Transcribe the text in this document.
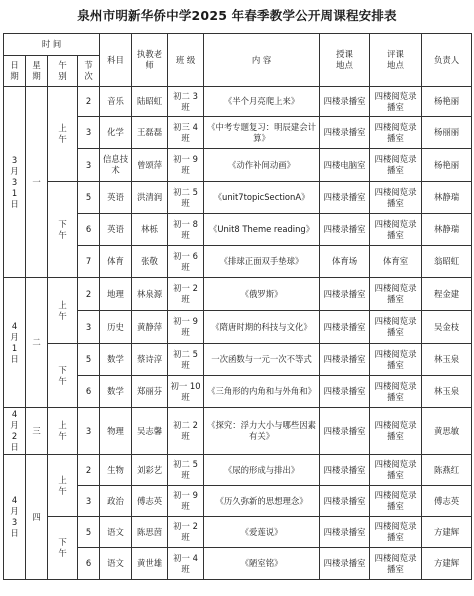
泉州市明新华侨中学2025 年春季教学公开周课程安排表
时 间				科目	执教老师	班 级	内 容	授课地点	评课地点	负责人
日期	星期	午别	节次							
3月31日	一	上午	2	音乐	陆昭虹	初二 3 班	《半个月亮爬上来》	四楼录播室	四楼阅览录播室	杨艳丽
			3	化学	王磊磊	初三 4 班	《中考专题复习：明辰建会计算》	四楼录播室	四楼阅览录播室	杨丽丽
			3	信息技术	曾颂萍	初一 9 班	《动作补间动画》	四楼电脑室	四楼阅览录播室	杨艳丽
		下午	5	英语	洪清润	初二 5 班	《unit7topicSectionA》	四楼录播室	四楼阅览录播室	林静瑞
			6	英语	林栎	初一 8 班	《Unit8 Theme reading》	四楼录播室	四楼阅览录播室	林静瑞
			7	体育	张敬	初一 6 班	《排球正面双手垫球》	体育场	体育室	翁昭虹
4月1日	二	上午	2	地理	林泉源	初一 2 班	《俄罗斯》	四楼录播室	四楼阅览录播室	程金建
			3	历史	黄静萍	初一 9 班	《隋唐时期的科技与文化》	四楼录播室	四楼阅览录播室	吴金枝
		下午	5	数学	蔡诗淳	初二 5 班	一次函数与一元一次不等式	四楼录播室	四楼阅览录播室	林玉泉
			6	数学	郑丽芬	初一 10 班	《三角形的内角和与外角和》	四楼录播室	四楼阅览录播室	林玉泉
4月2日	三	上午	3	物理	吴志馨	初二 2 班	《探究：浮力大小与哪些因素有关》	四楼录播室	四楼阅览录播室	黄思敏
4月3日	四	上午	2	生物	刘彩艺	初二 5 班	《尿的形成与排出》	四楼录播室	四楼阅览录播室	陈燕红
			3	政治	傅志英	初一 9 班	《历久弥新的思想理念》	四楼录播室	四楼阅览录播室	傅志英
		下午	5	语文	陈思茵	初一 2 班	《爱莲说》	四楼录播室	四楼阅览录播室	方建辉
			6	语文	黄世雄	初一 4 班	《陋室铭》	四楼录播室	四楼阅览录播室	方建辉
